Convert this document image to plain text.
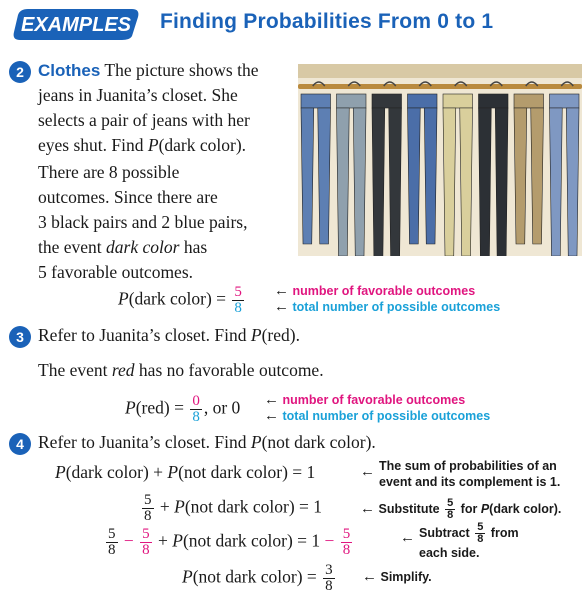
EXAMPLES Finding Probabilities From 0 to 1
2 Clothes The picture shows the
jeans in Juanita’s closet. She
selects a pair of jeans with her
eyes shut. Find P(dark color).
There are 8 possible
outcomes. Since there are
3 black pairs and 2 blue pairs,
the event dark color has
5 favorable outcomes.
P(dark color) = $\frac{5}{8}$ ← number of favorable outcomes
← total number of possible outcomes
3 Refer to Juanita’s closet. Find P(red).
The event red has no favorable outcome.
$P(red) = \frac{0}{8}$ , or 0 ← number of favorable outcomes
← total number of possible outcomes
4 Refer to Juanita’s closet. Find P(not dark color).
P(dark color) + P(not dark color) = 1	← The sum of probabilities of an
event and its complement is 1.
$\frac{5}{8} + P(not$ dark color) = 1	← Substitute $\frac{5}{8}$ for P(dark color).
$\frac{5}{8} - \frac{5}{8} + P(not$ dark color) = $1 - \frac{5}{8}$	← Subtract $\frac{5}{8}$ from
each side.
P(not dark color) = $\frac{3}{8}$ ← Simplify.
